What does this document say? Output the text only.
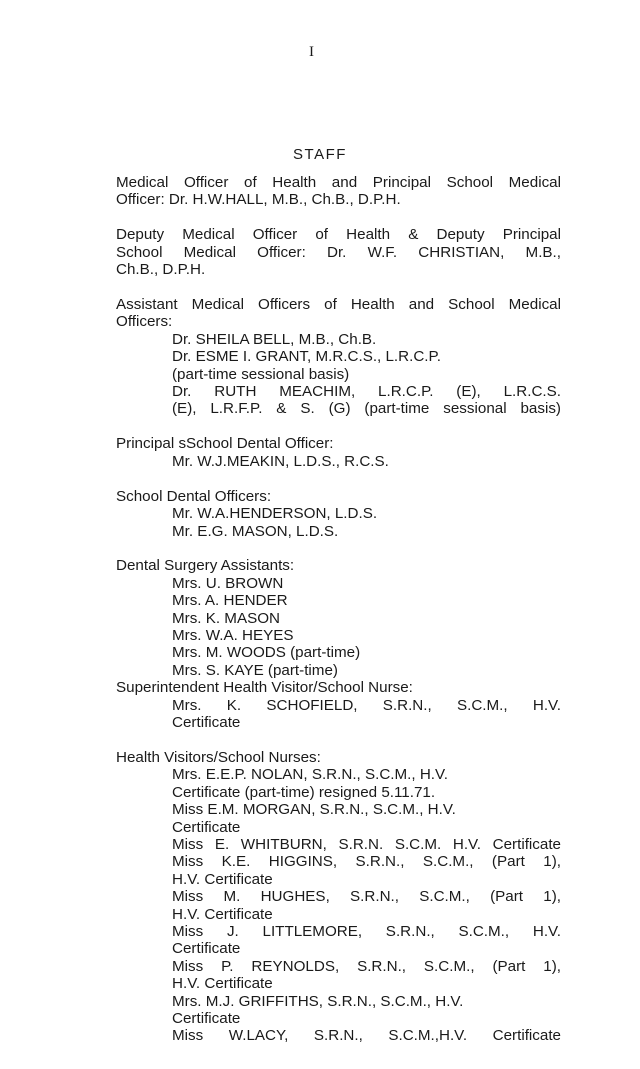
I
STAFF
Medical Officer of Health and Principal School Medical
Officer: Dr. H.W.HALL, M.B., Ch.B., D.P.H.
Deputy Medical Officer of Health & Deputy Principal
School Medical Officer: Dr. W.F. CHRISTIAN, M.B.,
Ch.B., D.P.H.
Assistant Medical Officers of Health and School Medical
Officers:
Dr. SHEILA BELL, M.B., Ch.B.
Dr. ESME I. GRANT, M.R.C.S., L.R.C.P.
(part-time sessional basis)
Dr. RUTH MEACHIM, L.R.C.P. (E), L.R.C.S.
(E), L.R.F.P. & S. (G) (part-time sessional basis)
Principal sSchool Dental Officer:
Mr. W.J.MEAKIN, L.D.S., R.C.S.
School Dental Officers:
Mr. W.A.HENDERSON, L.D.S.
Mr. E.G. MASON, L.D.S.
Dental Surgery Assistants:
Mrs. U. BROWN
Mrs. A. HENDER
Mrs. K. MASON
Mrs. W.A. HEYES
Mrs. M. WOODS (part-time)
Mrs. S. KAYE (part-time)
Superintendent Health Visitor/School Nurse:
Mrs. K. SCHOFIELD, S.R.N., S.C.M., H.V.
Certificate
Health Visitors/School Nurses:
Mrs. E.E.P. NOLAN, S.R.N., S.C.M., H.V.
Certificate (part-time) resigned 5.11.71.
Miss E.M. MORGAN, S.R.N., S.C.M., H.V.
Certificate
Miss E. WHITBURN, S.R.N. S.C.M. H.V. Certificate
Miss K.E. HIGGINS, S.R.N., S.C.M., (Part 1),
H.V. Certificate
Miss M. HUGHES, S.R.N., S.C.M., (Part 1),
H.V. Certificate
Miss J. LITTLEMORE, S.R.N., S.C.M., H.V.
Certificate
Miss P. REYNOLDS, S.R.N., S.C.M., (Part 1),
H.V. Certificate
Mrs. M.J. GRIFFITHS, S.R.N., S.C.M., H.V.
Certificate
Miss W.LACY, S.R.N., S.C.M.,H.V. Certificate
